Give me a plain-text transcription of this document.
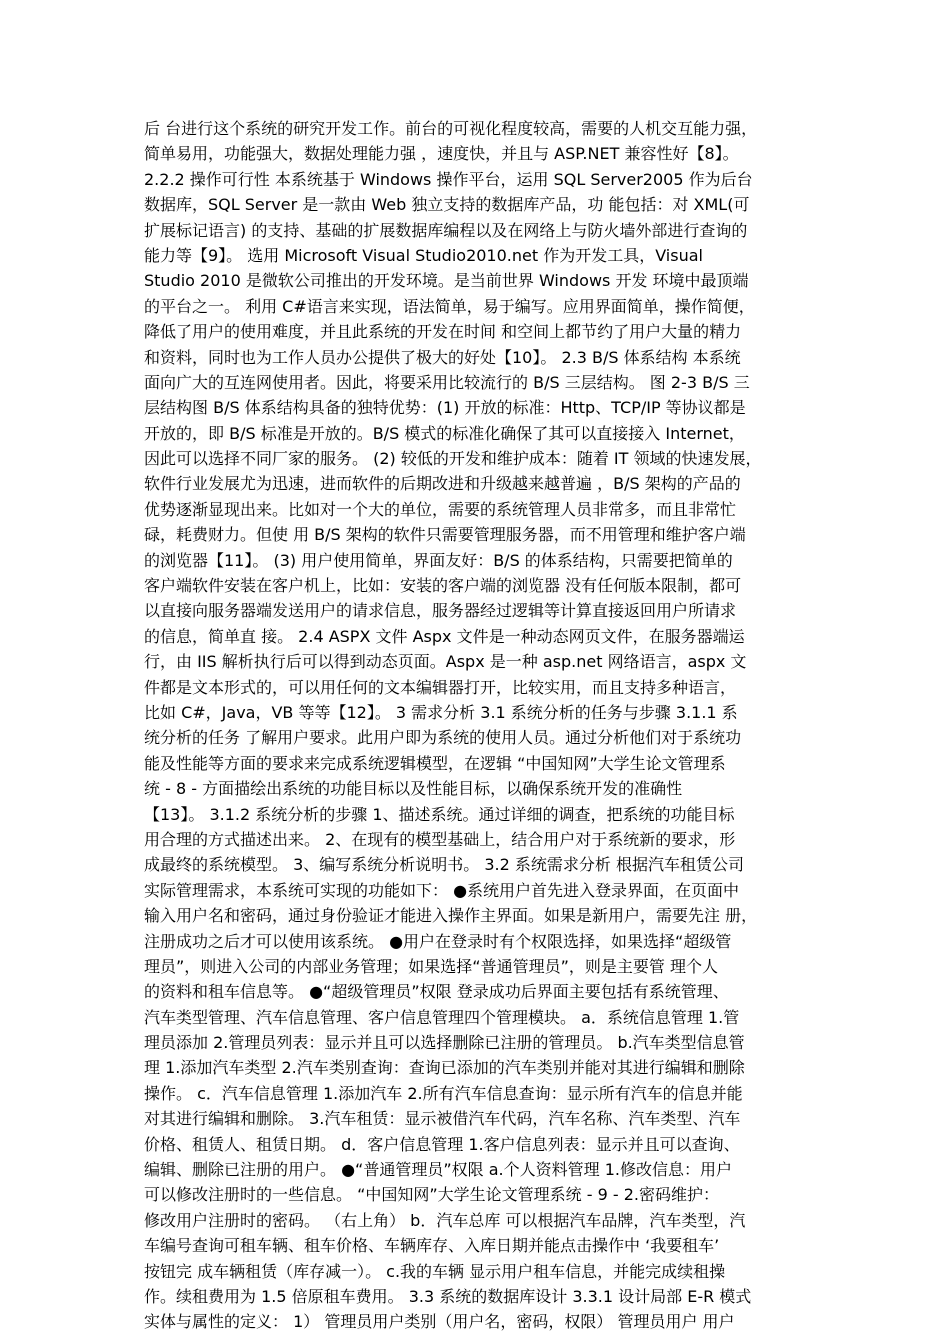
后 台进行这个系统的研究开发工作。前台的可视化程度较高，需要的人机交互能力强，
简单易用，功能强大，数据处理能力强 ，速度快，并且与 ASP.NET 兼容性好【8】。
2.2.2 操作可行性 本系统基于 Windows 操作平台，运用 SQL Server2005 作为后台
数据库，SQL Server 是一款由 Web 独立支持的数据库产品，功 能包括：对 XML(可
扩展标记语言) 的支持、基础的扩展数据库编程以及在网络上与防火墙外部进行查询的
能力等【9】。 选用 Microsoft Visual Studio2010.net 作为开发工具，Visual
Studio 2010 是微软公司推出的开发环境。是当前世界 Windows 开发 环境中最顶端
的平台之一。 利用 C#语言来实现，语法简单，易于编写。应用界面简单，操作简便，
降低了用户的使用难度，并且此系统的开发在时间 和空间上都节约了用户大量的精力
和资料，同时也为工作人员办公提供了极大的好处【10】。 2.3 B/S 体系结构 本系统
面向广大的互连网使用者。因此，将要采用比较流行的 B/S 三层结构。 图 2-3 B/S 三
层结构图 B/S 体系结构具备的独特优势：(1) 开放的标准：Http、TCP/IP 等协议都是
开放的，即 B/S 标准是开放的。B/S 模式的标准化确保了其可以直接接入 Internet，
因此可以选择不同厂家的服务。 (2) 较低的开发和维护成本：随着 IT 领域的快速发展，
软件行业发展尤为迅速，进而软件的后期改进和升级越来越普遍 ，B/S 架构的产品的
优势逐渐显现出来。比如对一个大的单位，需要的系统管理人员非常多，而且非常忙
碌，耗费财力。但使 用 B/S 架构的软件只需要管理服务器，而不用管理和维护客户端
的浏览器【11】。 (3) 用户使用简单，界面友好：B/S 的体系结构，只需要把简单的
客户端软件安装在客户机上，比如：安装的客户端的浏览器 没有任何版本限制，都可
以直接向服务器端发送用户的请求信息，服务器经过逻辑等计算直接返回用户所请求
的信息，简单直 接。 2.4 ASPX 文件 Aspx 文件是一种动态网页文件，在服务器端运
行，由 IIS 解析执行后可以得到动态页面。Aspx 是一种 asp.net 网络语言，aspx 文
件都是文本形式的，可以用任何的文本编辑器打开，比较实用，而且支持多种语言，
比如 C#，Java，VB 等等【12】。 3 需求分析 3.1 系统分析的任务与步骤 3.1.1 系
统分析的任务 了解用户要求。此用户即为系统的使用人员。通过分析他们对于系统功
能及性能等方面的要求来完成系统逻辑模型，在逻辑 “中国知网”大学生论文管理系
统 - 8 - 方面描绘出系统的功能目标以及性能目标，以确保系统开发的准确性
【13】。 3.1.2 系统分析的步骤 1、描述系统。通过详细的调查，把系统的功能目标
用合理的方式描述出来。 2、在现有的模型基础上，结合用户对于系统新的要求，形
成最终的系统模型。 3、编写系统分析说明书。 3.2 系统需求分析 根据汽车租赁公司
实际管理需求，本系统可实现的功能如下： ●系统用户首先进入登录界面，在页面中
输入用户名和密码，通过身份验证才能进入操作主界面。如果是新用户，需要先注 册，
注册成功之后才可以使用该系统。 ●用户在登录时有个权限选择，如果选择“超级管
理员”，则进入公司的内部业务管理；如果选择“普通管理员”，则是主要管 理个人
的资料和租车信息等。 ●“超级管理员”权限 登录成功后界面主要包括有系统管理、
汽车类型管理、汽车信息管理、客户信息管理四个管理模块。 a．系统信息管理 1.管
理员添加 2.管理员列表：显示并且可以选择删除已注册的管理员。 b.汽车类型信息管
理 1.添加汽车类型 2.汽车类别查询：查询已添加的汽车类别并能对其进行编辑和删除
操作。 c．汽车信息管理 1.添加汽车 2.所有汽车信息查询：显示所有汽车的信息并能
对其进行编辑和删除。 3.汽车租赁：显示被借汽车代码，汽车名称、汽车类型、汽车
价格、租赁人、租赁日期。 d．客户信息管理 1.客户信息列表：显示并且可以查询、
编辑、删除已注册的用户。 ●“普通管理员”权限 a.个人资料管理 1.修改信息：用户
可以修改注册时的一些信息。 “中国知网”大学生论文管理系统 - 9 - 2.密码维护：
修改用户注册时的密码。 （右上角） b．汽车总库 可以根据汽车品牌，汽车类型，汽
车编号查询可租车辆、租车价格、车辆库存、入库日期并能点击操作中 ‘我要租车’
按钮完 成车辆租赁（库存减一）。 c.我的车辆 显示用户租车信息，并能完成续租操
作。续租费用为 1.5 倍原租车费用。 3.3 系统的数据库设计 3.3.1 设计局部 E-R 模式
实体与属性的定义： 1） 管理员用户类别（用户名，密码，权限） 管理员用户 用户
